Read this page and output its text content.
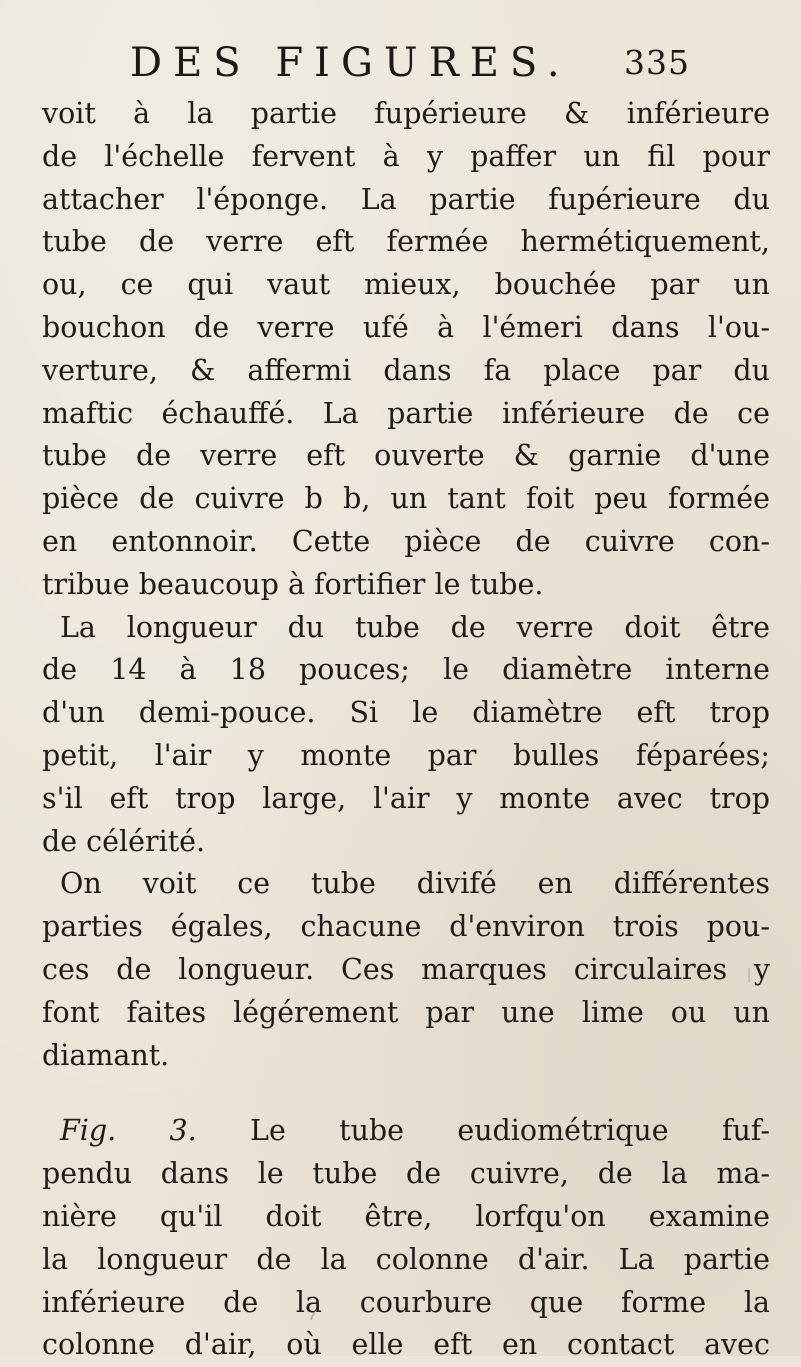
DES FIGURES. 335
voit à la partie fupérieure & inférieure
de l'échelle fervent à y paffer un fil pour
attacher l'éponge. La partie fupérieure du
tube de verre eft fermée hermétiquement,
ou, ce qui vaut mieux, bouchée par un
bouchon de verre ufé à l'émeri dans l'ou-
verture, & affermi dans fa place par du
maftic échauffé. La partie inférieure de ce
tube de verre eft ouverte & garnie d'une
pièce de cuivre b b, un tant foit peu formée
en entonnoir. Cette pièce de cuivre con-
tribue beaucoup à fortifier le tube.
La longueur du tube de verre doit être
de 14 à 18 pouces; le diamètre interne
d'un demi-pouce. Si le diamètre eft trop
petit, l'air y monte par bulles féparées;
s'il eft trop large, l'air y monte avec trop
de célérité.
On voit ce tube divifé en différentes
parties égales, chacune d'environ trois pou-
ces de longueur. Ces marques circulaires y
font faites légérement par une lime ou un
diamant.
Fig. 3. Le tube eudiométrique fuf-
pendu dans le tube de cuivre, de la ma-
nière qu'il doit être, lorfqu'on examine
la longueur de la colonne d'air. La partie
inférieure de la courbure que forme la
colonne d'air, où elle eft en contact avec
